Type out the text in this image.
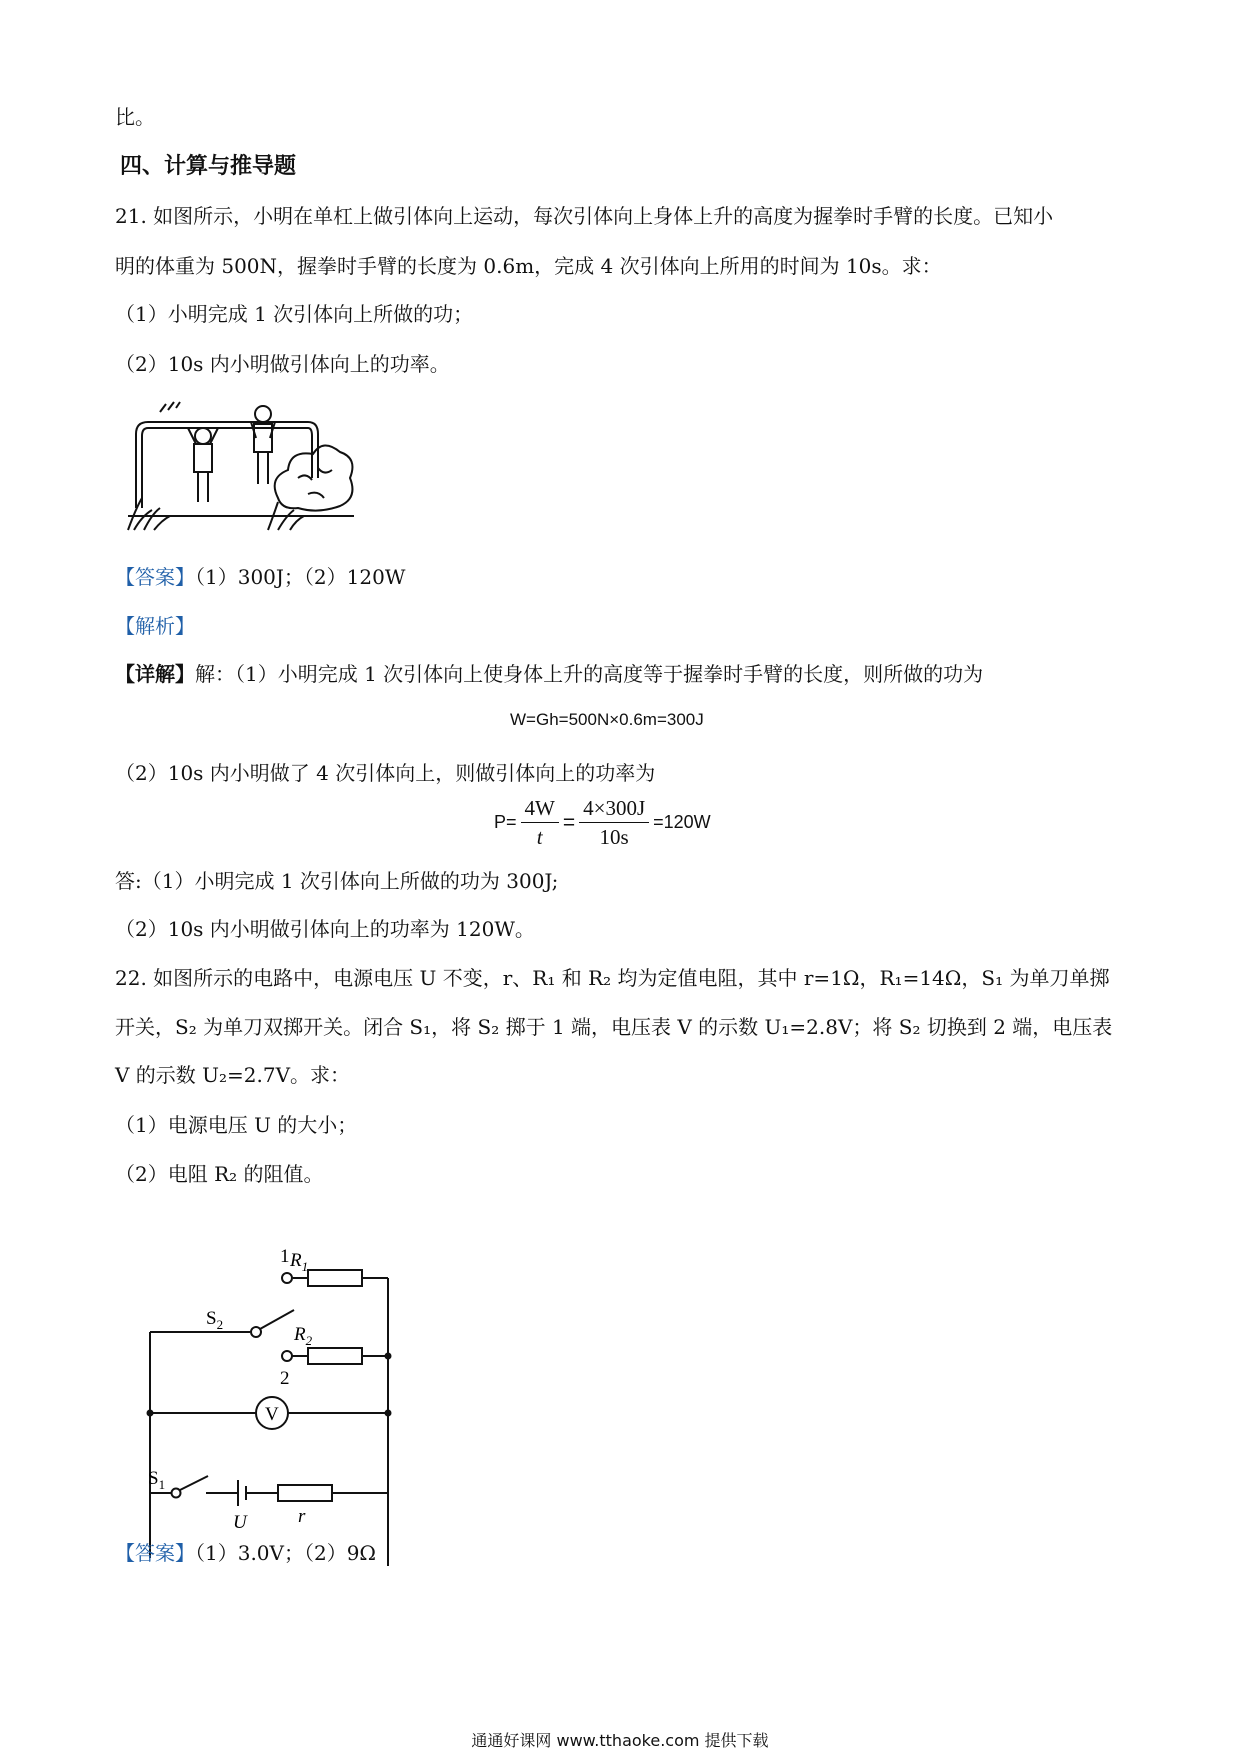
比。
四、计算与推导题
21. 如图所示，小明在单杠上做引体向上运动，每次引体向上身体上升的高度为握拳时手臂的长度。已知小
明的体重为 500N，握拳时手臂的长度为 0.6m，完成 4 次引体向上所用的时间为 10s。求：
（1）小明完成 1 次引体向上所做的功；
（2）10s 内小明做引体向上的功率。
【答案】（1）300J；（2）120W
【解析】
【详解】解：（1）小明完成 1 次引体向上使身体上升的高度等于握拳时手臂的长度，则所做的功为
W=Gh=500N×0.6m=300J
（2）10s 内小明做了 4 次引体向上，则做引体向上的功率为
$P= \frac{4W}{t} = \frac{4\times 300J}{10s} =120W$
答:（1）小明完成 1 次引体向上所做的功为 300J;
（2）10s 内小明做引体向上的功率为 120W。
22. 如图所示的电路中，电源电压 U 不变，r、R₁ 和 R₂ 均为定值电阻，其中 r=1Ω，R₁=14Ω，S₁ 为单刀单掷
开关，S₂ 为单刀双掷开关。闭合 S₁，将 S₂ 掷于 1 端，电压表 V 的示数 U₁=2.8V；将 S₂ 切换到 2 端，电压表
V 的示数 U₂=2.7V。求：
（1）电源电压 U 的大小；
（2）电阻 R₂ 的阻值。
1
2
$R_1$
$R_2$
$S_2$
$S_1$
V
U	r
【答案】（1）3.0V；（2）9Ω
通通好课网 www.tthaoke.com 提供下载
